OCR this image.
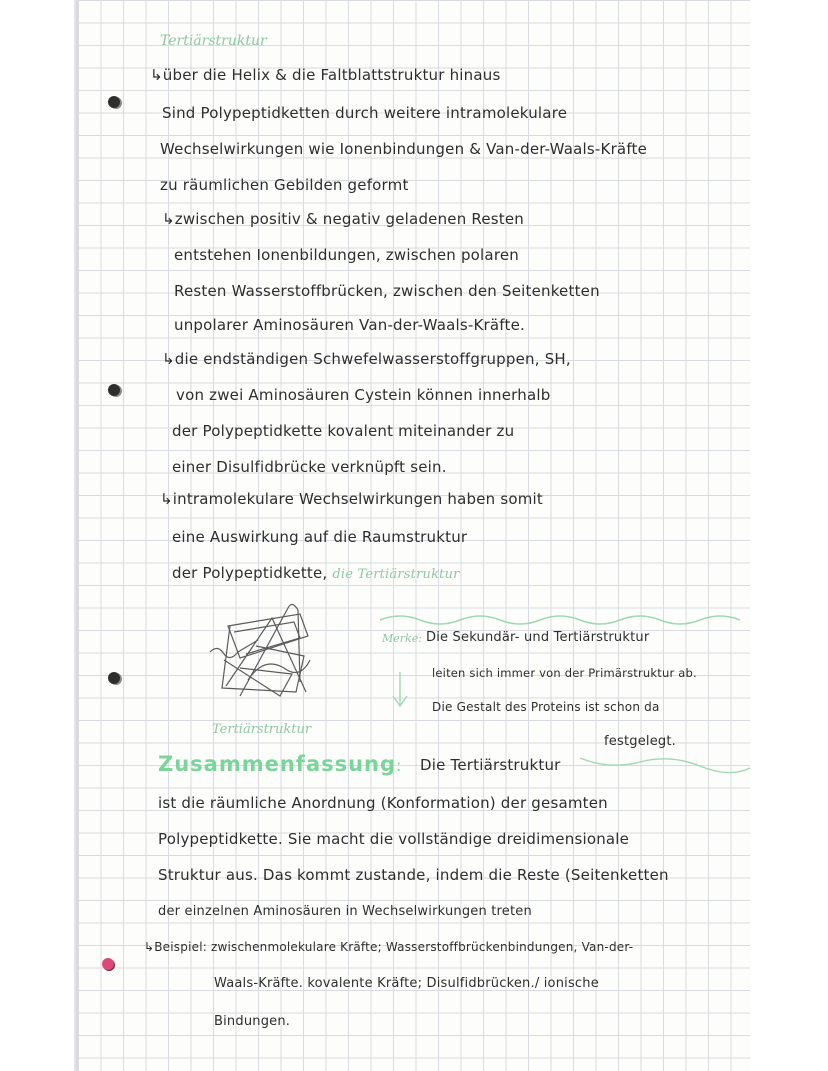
Tertiärstruktur
↳über die Helix & die Faltblattstruktur hinaus
Sind Polypeptidketten durch weitere intramolekulare
Wechselwirkungen wie Ionenbindungen & Van-der-Waals-Kräfte
zu räumlichen Gebilden geformt
↳zwischen positiv & negativ geladenen Resten
entstehen Ionenbildungen, zwischen polaren
Resten Wasserstoffbrücken, zwischen den Seitenketten
unpolarer Aminosäuren Van-der-Waals-Kräfte.
↳die endständigen Schwefelwasserstoffgruppen, SH,
von zwei Aminosäuren Cystein können innerhalb
der Polypeptidkette kovalent miteinander zu
einer Disulfidbrücke verknüpft sein.
↳intramolekulare Wechselwirkungen haben somit
eine Auswirkung auf die Raumstruktur
der Polypeptidkette, die Tertiärstruktur
Tertiärstruktur
Merke: Die Sekundär- und Tertiärstruktur
leiten sich immer von der Primärstruktur ab.
Die Gestalt des Proteins ist schon da
festgelegt.
Zusammenfassung: Die Tertiärstruktur
ist die räumliche Anordnung (Konformation) der gesamten
Polypeptidkette. Sie macht die vollständige dreidimensionale
Struktur aus. Das kommt zustande, indem die Reste (Seitenketten
der einzelnen Aminosäuren in Wechselwirkungen treten
↳Beispiel: zwischenmolekulare Kräfte; Wasserstoffbrückenbindungen, Van-der-
Waals-Kräfte. kovalente Kräfte; Disulfidbrücken./ ionische
Bindungen.
